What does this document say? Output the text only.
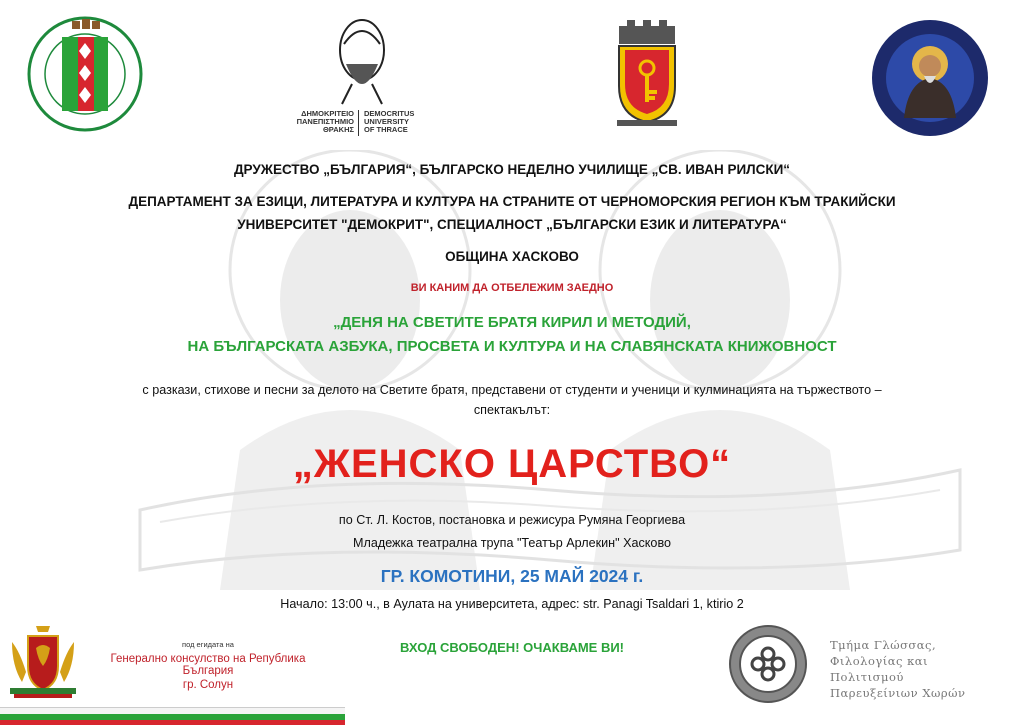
ΔΗΜΟΚΡΙΤΕΙΟ
ΠΑΝΕΠΙΣΤΗΜΙΟ
ΘΡΑΚΗΣ
DEMOCRITUS
UNIVERSITY
OF THRACE
ДРУЖЕСТВО „БЪЛГАРИЯ“, БЪЛГАРСКО НЕДЕЛНО УЧИЛИЩЕ „СВ. ИВАН РИЛСКИ“
ДЕПАРТАМЕНТ ЗА ЕЗИЦИ, ЛИТЕРАТУРА И КУЛТУРА НА СТРАНИТЕ ОТ ЧЕРНОМОРСКИЯ РЕГИОН КЪМ ТРАКИЙСКИ
УНИВЕРСИТЕТ "ДЕМОКРИТ", СПЕЦИАЛНОСТ „БЪЛГАРСКИ ЕЗИК И ЛИТЕРАТУРА“
ОБЩИНА ХАСКОВО
ВИ КАНИМ ДА ОТБЕЛЕЖИМ ЗАЕДНО
„ДЕНЯ НА СВЕТИТЕ БРАТЯ КИРИЛ И МЕТОДИЙ,
НА БЪЛГАРСКАТА АЗБУКА, ПРОСВЕТА И КУЛТУРА И НА СЛАВЯНСКАТА КНИЖОВНОСТ
с разкази, стихове и песни за делото на Светите братя, представени от студенти и ученици и кулминацията на тържеството –
спектакълът:
„ЖЕНСКО ЦАРСТВО“
по Ст. Л. Костов, постановка и режисура Румяна Георгиева
Младежка театрална трупа "Театър Арлекин" Хасково
ГР. КОМОТИНИ, 25 МАЙ 2024 г.
Начало: 13:00 ч., в Аулата на университета, адрес: str. Panagi Tsaldari 1, ktirio 2
ВХОД СВОБОДЕН! ОЧАКВАМЕ ВИ!
под егидата на
Генерално консулство на Република България
гр. Солун
Τμήμα Γλώσσας,
Φιλολογίας και
Πολιτισμού
Παρευξείνιων Χωρών
